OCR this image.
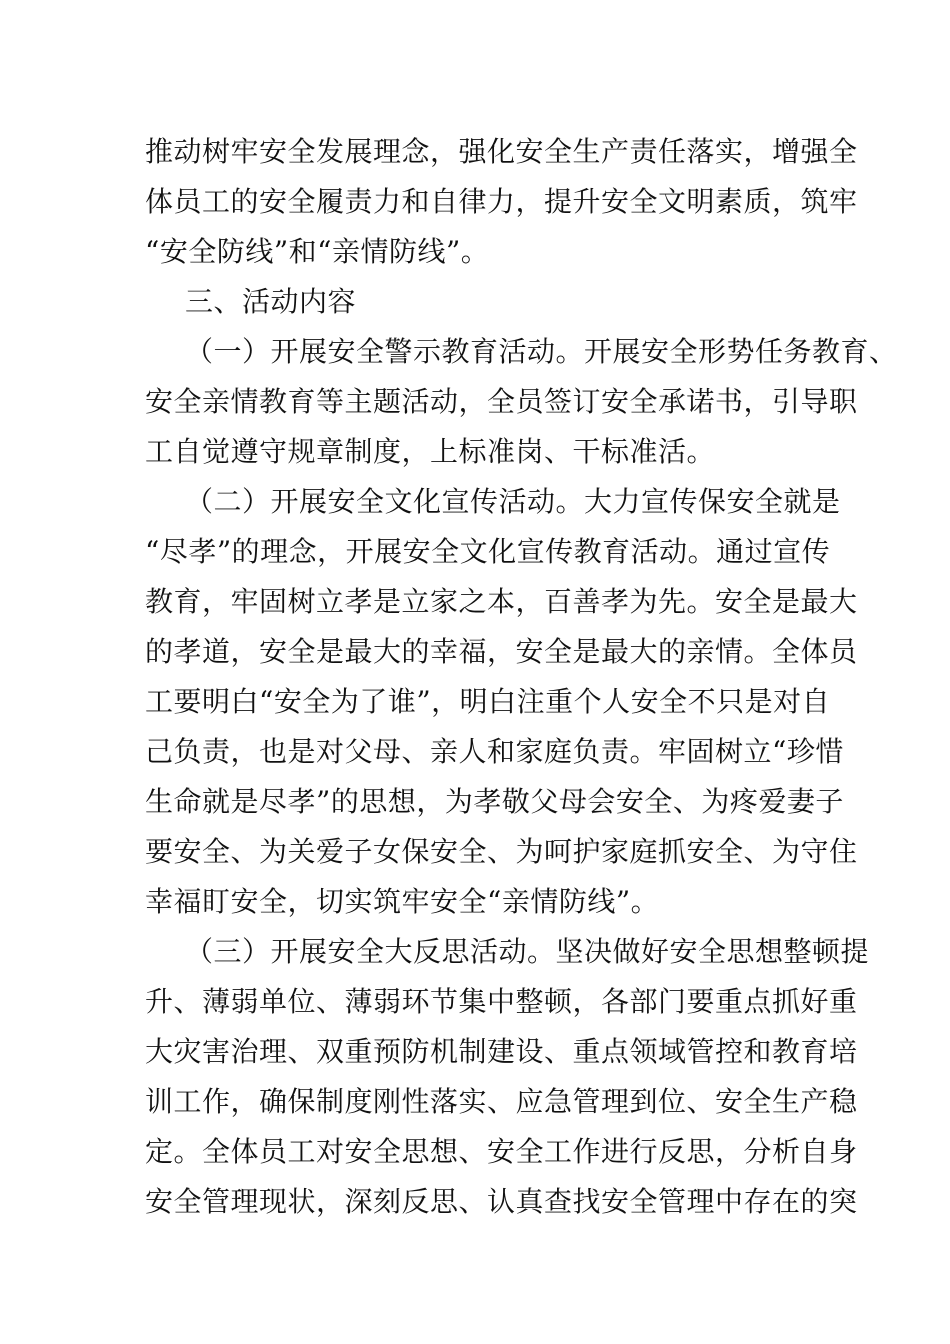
推动树牢安全发展理念，强化安全生产责任落实，增强全
体员工的安全履责力和自律力，提升安全文明素质，筑牢
“安全防线”和“亲情防线”。
三、活动内容
（一）开展安全警示教育活动。开展安全形势任务教育、
安全亲情教育等主题活动，全员签订安全承诺书，引导职
工自觉遵守规章制度，上标准岗、干标准活。
（二）开展安全文化宣传活动。大力宣传保安全就是
“尽孝”的理念，开展安全文化宣传教育活动。通过宣传
教育，牢固树立孝是立家之本，百善孝为先。安全是最大
的孝道，安全是最大的幸福，安全是最大的亲情。全体员
工要明白“安全为了谁”，明白注重个人安全不只是对自
己负责，也是对父母、亲人和家庭负责。牢固树立“珍惜
生命就是尽孝”的思想，为孝敬父母会安全、为疼爱妻子
要安全、为关爱子女保安全、为呵护家庭抓安全、为守住
幸福盯安全，切实筑牢安全“亲情防线”。
（三）开展安全大反思活动。坚决做好安全思想整顿提
升、薄弱单位、薄弱环节集中整顿，各部门要重点抓好重
大灾害治理、双重预防机制建设、重点领域管控和教育培
训工作，确保制度刚性落实、应急管理到位、安全生产稳
定。全体员工对安全思想、安全工作进行反思，分析自身
安全管理现状，深刻反思、认真查找安全管理中存在的突
